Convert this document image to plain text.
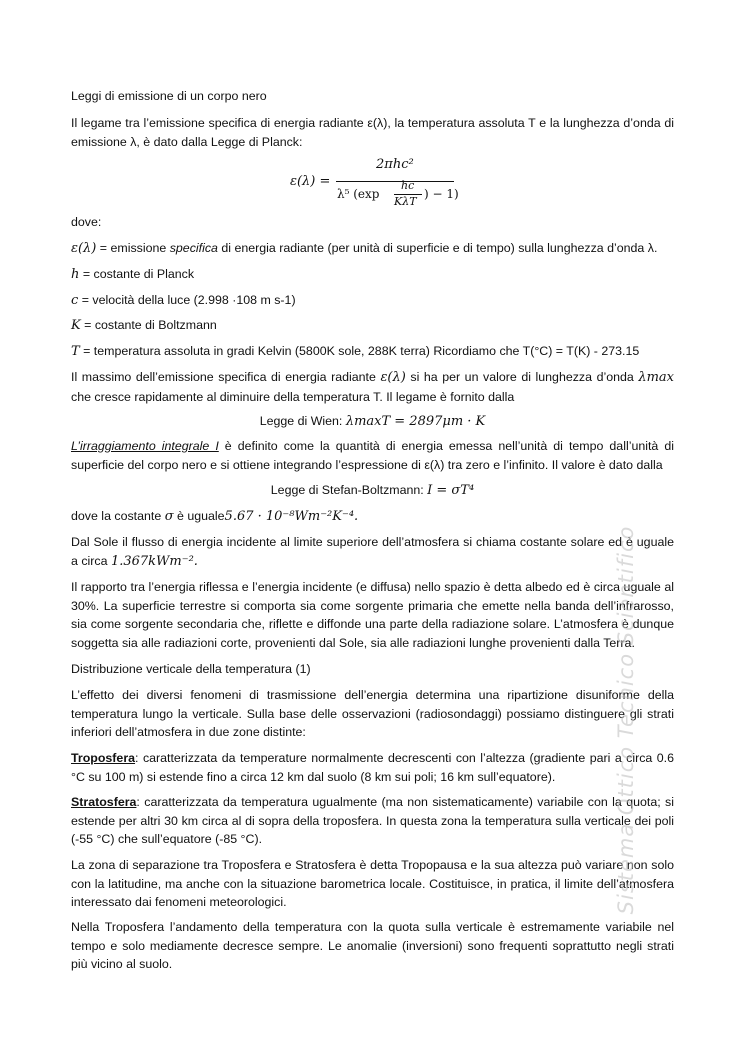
Leggi di emissione di un corpo nero

Il legame tra l’emissione specifica di energia radiante ε(λ), la temperatura assoluta T e la lunghezza d’onda di emissione λ, è dato dalla Legge di Planck:

ε(λ) =
2πhc²
λ⁵ (exp
hc
KλT
) − 1)

dove:

ε(λ) = emissione specifica di energia radiante (per unità di superficie e di tempo) sulla lunghezza d’onda λ.

h = costante di Planck

c = velocità della luce (2.998 ·108 m s-1)

K = costante di Boltzmann

T = temperatura assoluta in gradi Kelvin (5800K sole, 288K terra) Ricordiamo che T(°C) = T(K) - 273.15

Il massimo dell’emissione specifica di energia radiante ε(λ) si ha per un valore di lunghezza d’onda λmax che cresce rapidamente al diminuire della temperatura T. Il legame è fornito dalla

Legge di Wien: λmaxT = 2897μm · K

L’irraggiamento integrale I è definito come la quantità di energia emessa nell’unità di tempo dall’unità di superficie del corpo nero e si ottiene integrando l’espressione di ε(λ) tra zero e l’infinito. Il valore è dato dalla

Legge di Stefan-Boltzmann: I = σT⁴

dove la costante σ è uguale5.67 · 10⁻⁸Wm⁻²K⁻⁴.

Dal Sole il flusso di energia incidente al limite superiore dell’atmosfera si chiama costante solare ed è uguale a circa 1.367kWm⁻².

Il rapporto tra l’energia riflessa e l’energia incidente (e diffusa) nello spazio è detta albedo ed è circa uguale al 30%. La superficie terrestre si comporta sia come sorgente primaria che emette nella banda dell’infrarosso, sia come sorgente secondaria che, riflette e diffonde una parte della radiazione solare. L’atmosfera è dunque soggetta sia alle radiazioni corte, provenienti dal Sole, sia alle radiazioni lunghe provenienti dalla Terra.

Distribuzione verticale della temperatura (1)

L’effetto dei diversi fenomeni di trasmissione dell’energia determina una ripartizione disuniforme della temperatura lungo la verticale. Sulla base delle osservazioni (radiosondaggi) possiamo distinguere gli strati inferiori dell’atmosfera in due zone distinte:

Troposfera: caratterizzata da temperature normalmente decrescenti con l’altezza (gradiente pari a circa 0.6 °C su 100 m) si estende fino a circa 12 km dal suolo (8 km sui poli; 16 km sull’equatore).

Stratosfera: caratterizzata da temperatura ugualmente (ma non sistematicamente) variabile con la quota; si estende per altri 30 km circa al di sopra della troposfera. In questa zona la temperatura sulla verticale dei poli (-55 °C) che sull’equatore (-85 °C).

La zona di separazione tra Troposfera e Stratosfera è detta Tropopausa e la sua altezza può variare non solo con la latitudine, ma anche con la situazione barometrica locale. Costituisce, in pratica, il limite dell’atmosfera interessato dai fenomeni meteorologici.

Nella Troposfera l’andamento della temperatura con la quota sulla verticale è estremamente variabile nel tempo e solo mediamente decresce sempre. Le anomalie (inversioni) sono frequenti soprattutto negli strati più vicino al suolo.

Sistema Ottico Tecnico Scientifico
